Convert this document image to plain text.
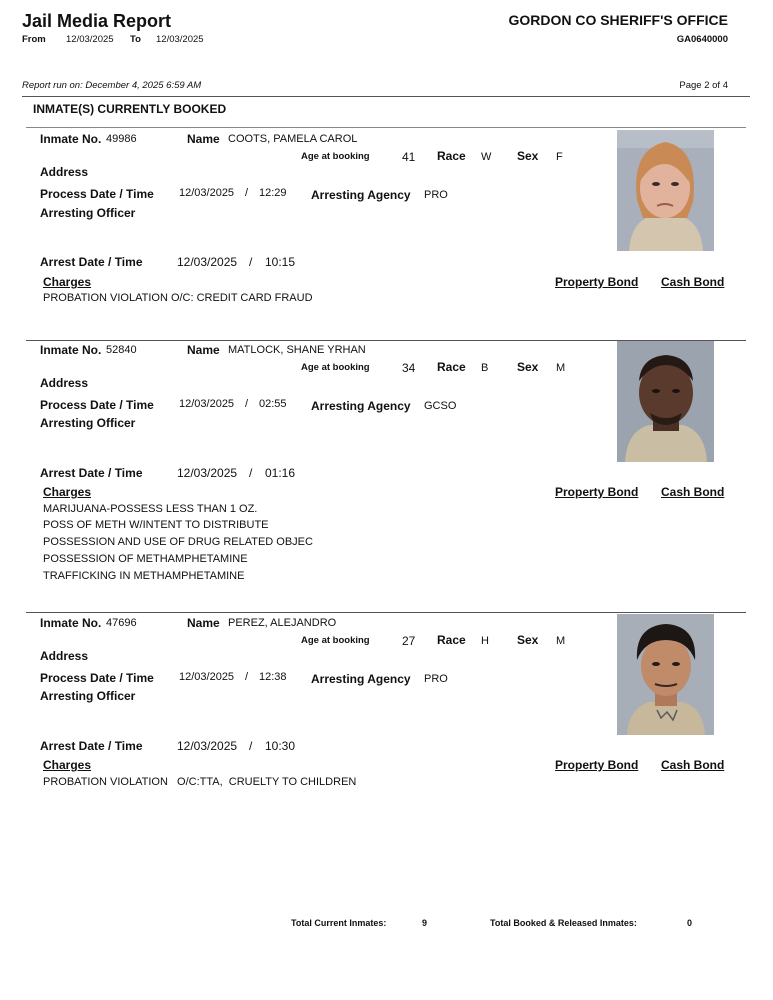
Jail Media Report	GORDON CO SHERIFF'S OFFICE
From 12/03/2025 To 12/03/2025	GA0640000
Report run on: December 4, 2025 6:59 AM	Page 2 of 4
INMATE(S) CURRENTLY BOOKED
Inmate No. 49986	Name COOTS, PAMELA CAROL
Age at booking	41 Race W Sex F
Address
Process Date / Time 12/03/2025 / 12:29 Arresting Agency PRO
Arresting Officer
Arrest Date / Time	12/03/2025 / 10:15
Charges	Property Bond Cash Bond
PROBATION VIOLATION O/C: CREDIT CARD FRAUD
Inmate No. 52840	Name MATLOCK, SHANE YRHAN
Age at booking	34 Race B Sex M
Address
Process Date / Time 12/03/2025 / 02:55 Arresting Agency GCSO
Arresting Officer
Arrest Date / Time	12/03/2025 / 01:16
Charges	Property Bond Cash Bond
MARIJUANA-POSSESS LESS THAN 1 OZ.
POSS OF METH W/INTENT TO DISTRIBUTE
POSSESSION AND USE OF DRUG RELATED OBJEC
POSSESSION OF METHAMPHETAMINE
TRAFFICKING IN METHAMPHETAMINE
Inmate No. 47696	Name PEREZ, ALEJANDRO
Age at booking	27 Race H Sex M
Address
Process Date / Time 12/03/2025 / 12:38 Arresting Agency PRO
Arresting Officer
Arrest Date / Time	12/03/2025 / 10:30
Charges	Property Bond Cash Bond
PROBATION VIOLATION   O/C:TTA,  CRUELTY TO CHILDREN
Total Current Inmates:	9	Total Booked & Released Inmates:	0
